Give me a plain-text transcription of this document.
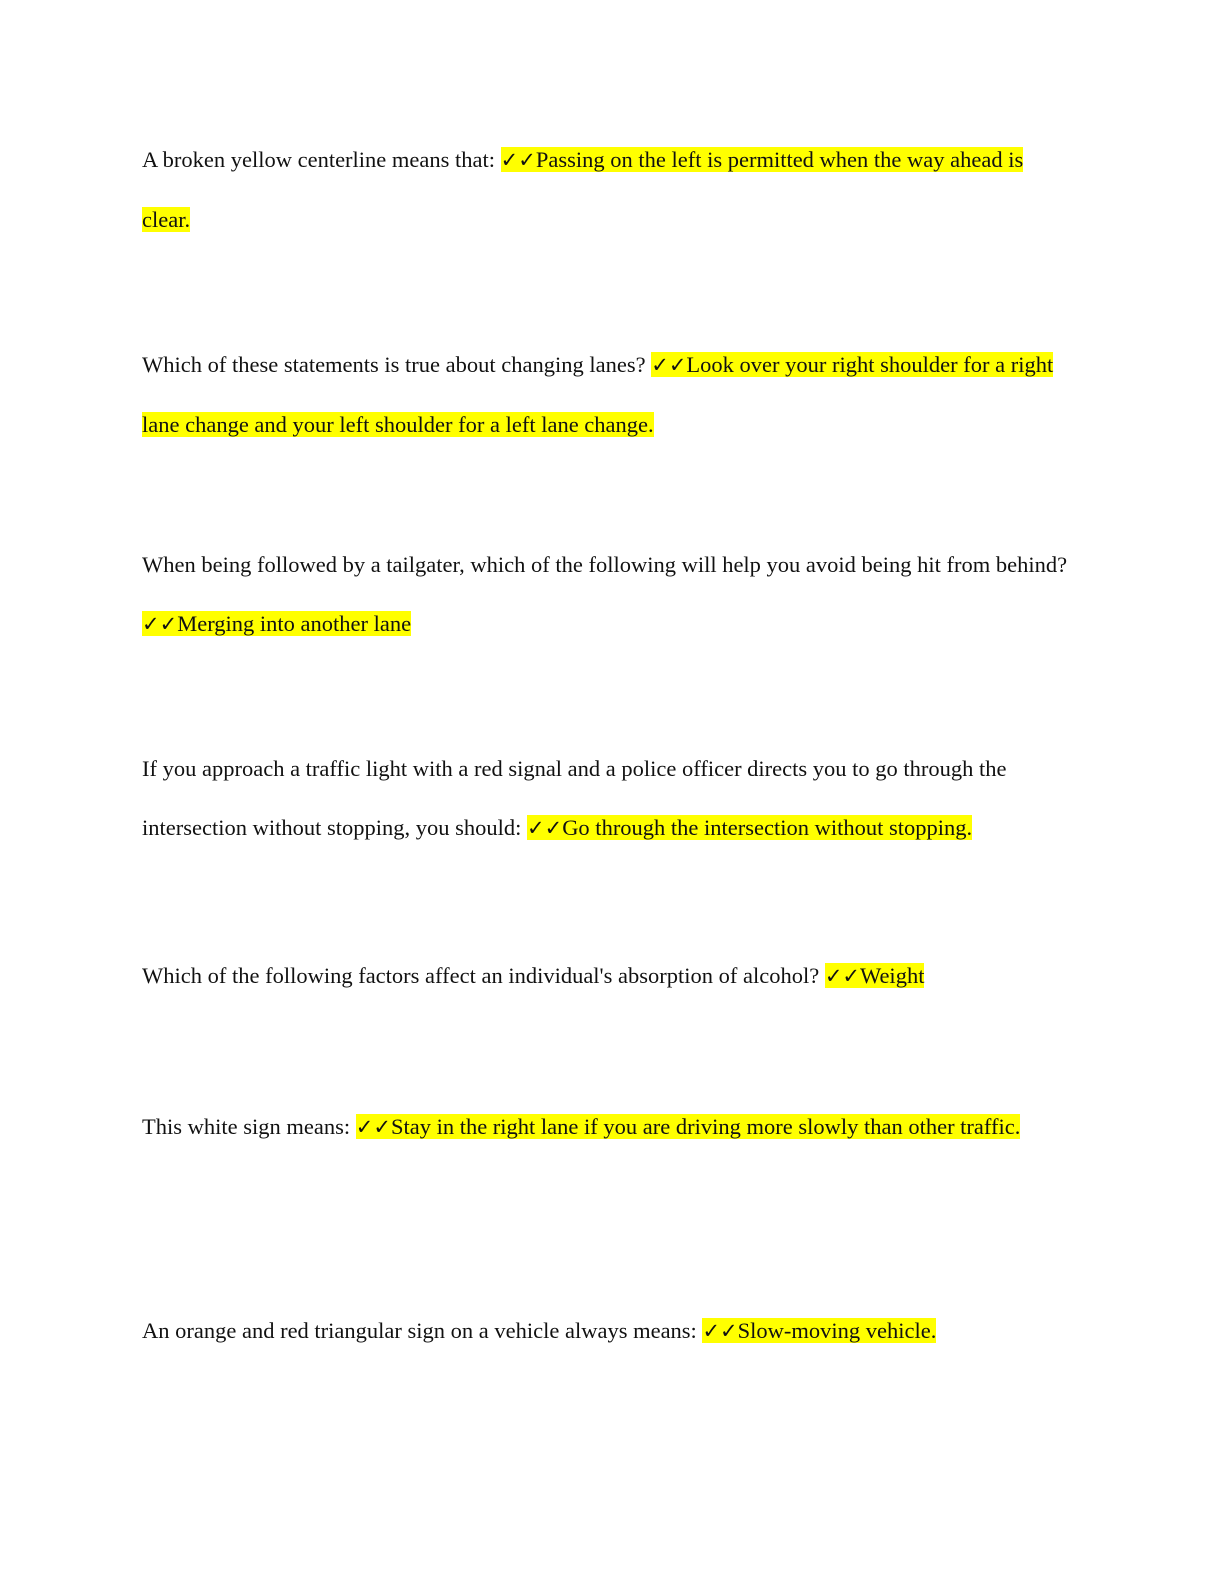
A broken yellow centerline means that: ✓✓Passing on the left is permitted when the way ahead is clear.

Which of these statements is true about changing lanes? ✓✓Look over your right shoulder for a right lane change and your left shoulder for a left lane change.

When being followed by a tailgater, which of the following will help you avoid being hit from behind? ✓✓Merging into another lane

If you approach a traffic light with a red signal and a police officer directs you to go through the intersection without stopping, you should: ✓✓Go through the intersection without stopping.

Which of the following factors affect an individual's absorption of alcohol? ✓✓Weight

This white sign means: ✓✓Stay in the right lane if you are driving more slowly than other traffic.

An orange and red triangular sign on a vehicle always means: ✓✓Slow-moving vehicle.
